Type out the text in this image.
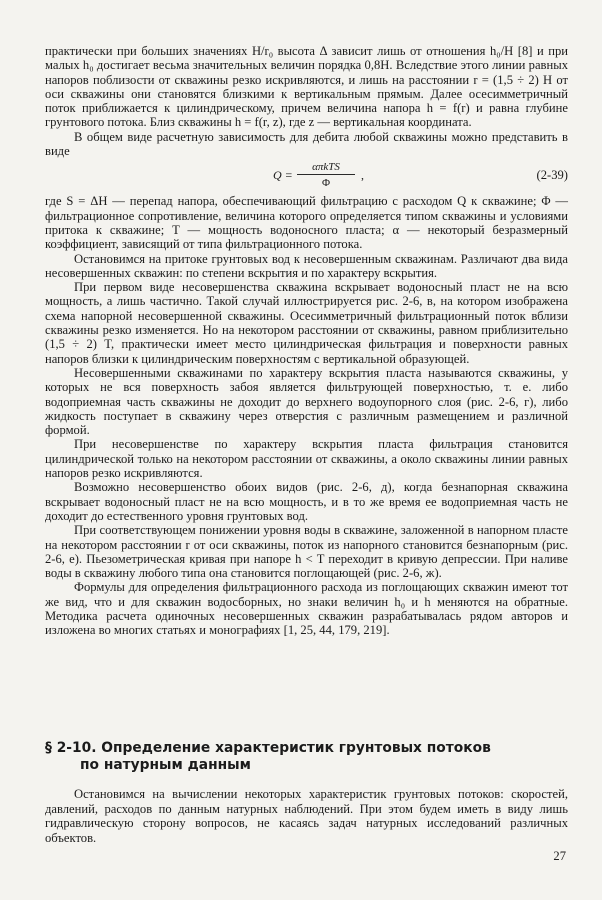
практически при больших значениях H/r₀ высота Δ зависит лишь от отношения h₀/H [8] и при малых h₀ достигает весьма значительных величин порядка 0,8H. Вследствие этого линии равных напоров поблизости от скважины резко искривляются, и лишь на расстоянии r = (1,5 ÷ 2) H от оси скважины они становятся близкими к вертикальным прямым. Далее осесимметричный поток приближается к цилиндрическому, причем величина напора h = f(r) и равна глубине грунтового потока. Близ скважины h = f(r, z), где z — вертикальная координата.

В общем виде расчетную зависимость для дебита любой скважины можно представить в виде

Q =
απkTS
Φ
,	(2-39)

где S = ΔH — перепад напора, обеспечивающий фильтрацию с расходом Q к скважине; Φ — фильтрационное сопротивление, величина которого определяется типом скважины и условиями притока к скважине; T — мощность водоносного пласта; α — некоторый безразмерный коэффициент, зависящий от типа фильтрационного потока.

Остановимся на притоке грунтовых вод к несовершенным скважинам. Различают два вида несовершенных скважин: по степени вскрытия и по характеру вскрытия.

При первом виде несовершенства скважина вскрывает водоносный пласт не на всю мощность, а лишь частично. Такой случай иллюстрируется рис. 2-6, в, на котором изображена схема напорной несовершенной скважины. Осесимметричный фильтрационный поток вблизи скважины резко изменяется. Но на некотором расстоянии от скважины, равном приблизительно (1,5 ÷ 2) T, практически имеет место цилиндрическая фильтрация и поверхности равных напоров близки к цилиндрическим поверхностям с вертикальной образующей.

Несовершенными скважинами по характеру вскрытия пласта называются скважины, у которых не вся поверхность забоя является фильтрующей поверхностью, т. е. либо водоприемная часть скважины не доходит до верхнего водоупорного слоя (рис. 2-6, г), либо жидкость поступает в скважину через отверстия с различным размещением и различной формой.

При несовершенстве по характеру вскрытия пласта фильтрация становится цилиндрической только на некотором расстоянии от скважины, а около скважины линии равных напоров резко искривляются.

Возможно несовершенство обоих видов (рис. 2-6, д), когда безнапорная скважина вскрывает водоносный пласт не на всю мощность, и в то же время ее водоприемная часть не доходит до естественного уровня грунтовых вод.

При соответствующем понижении уровня воды в скважине, заложенной в напорном пласте на некотором расстоянии r от оси скважины, поток из напорного становится безнапорным (рис. 2-6, е). Пьезометрическая кривая при напоре h < T переходит в кривую депрессии. При наливе воды в скважину любого типа она становится поглощающей (рис. 2-6, ж).

Формулы для определения фильтрационного расхода из поглощающих скважин имеют тот же вид, что и для скважин водосборных, но знаки величин h₀ и h меняются на обратные. Методика расчета одиночных несовершенных скважин разрабатывалась рядом авторов и изложена во многих статьях и монографиях [1, 25, 44, 179, 219].

§ 2-10. Определение характеристик грунтовых потоков
по натурным данным

Остановимся на вычислении некоторых характеристик грунтовых потоков: скоростей, давлений, расходов по данным натурных наблюдений. При этом будем иметь в виду лишь гидравлическую сторону вопросов, не касаясь задач натурных исследований различных объектов.

27
